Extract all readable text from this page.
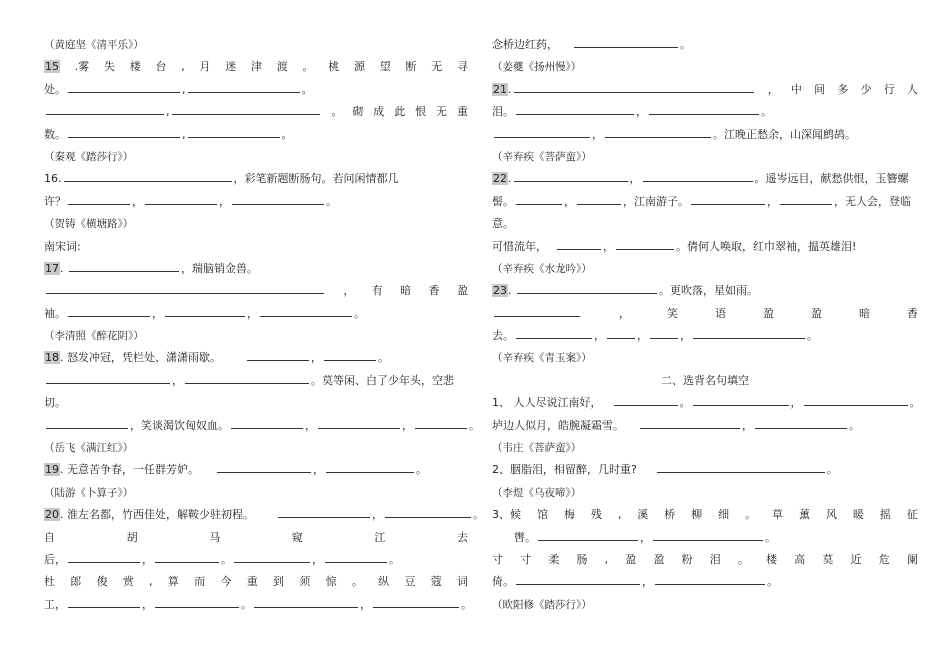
（黄庭坚《清平乐》）
15 .雾 失 楼 台 , 月 迷 津 渡 。 桃 源 望 断 无 寻
处。	,	。
,	。 砌 成 此 恨 无 重
数。	,	。
（秦观《踏莎行》）
16.	，彩笔新题断肠句。若问闲情都几
许？	，	，	。
（贺铸《横塘路》）
南宋词:
17.	，瑞脑销金兽。
， 有 暗 香 盈
袖。	，	，	。
（李清照《醉花阴》）
18. 怒发冲冠，凭栏处、潇潇雨歇。	，	。
，	。莫等闲、白了少年头，空悲
切。
，笑谈渴饮匈奴血。	，	，	。
（岳飞《满江红》）
19. 无意苦争春，一任群芳妒。	，	。
（陆游《卜算子》）
20. 淮左名都，竹西佳处，解鞍少驻初程。	，	。
自	胡	马	窥	江	去
后，	，	。	，	。
杜 郎 俊 赏 , 算 而 今 重 到 须 惊 。 纵 豆 蔻 词
工，	，	。	，	。
念桥边红药，	。
（姜夔《扬州慢》）
21.	， 中 间 多 少 行 人
泪。	，	。
，	。江晚正愁余，山深闻鹧鸪。
（辛弃疾《菩萨蛮》）
22.	，	。遥岑远目，献愁供恨，玉簪螺
髻。	，	，江南游子。	，	，无人会，登临
意。
可惜流年，	，	。倩何人唤取，红巾翠袖，揾英雄泪!
（辛弃疾《水龙吟》）
23.	。更吹落，星如雨。
，	笑	语	盈	盈	暗	香
去。	，	，	，	。
（辛弃疾《青玉案》）
二、选背名句填空
1、 人人尽说江南好，	。	，	。
垆边人似月，皓腕凝霜雪。	，	。
（韦庄《菩萨蛮》）
2、胭脂泪，相留醉，几时重?	。
（李煜《乌夜啼》）
3、候 馆 梅 残 , 溪 桥 柳 细 。 草 薰 风 暖 摇 征
辔。	，	。
寸 寸 柔 肠 , 盈 盈 粉 泪 。 楼 高 莫 近 危 阑
倚。	，	。
（欧阳修《踏莎行》）
